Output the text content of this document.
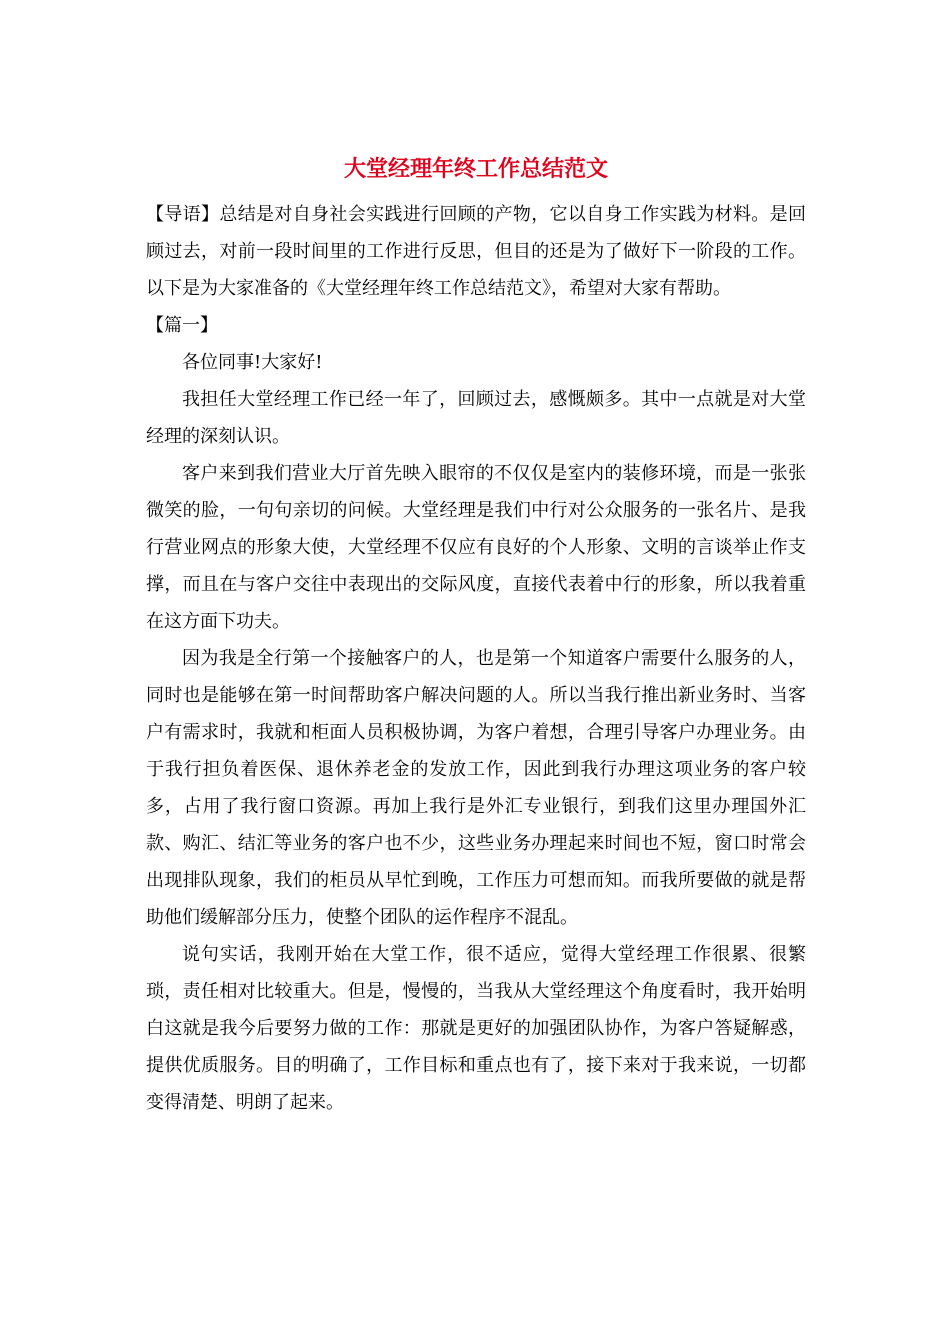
大堂经理年终工作总结范文

【导语】总结是对自身社会实践进行回顾的产物，它以自身工作实践为材料。是回顾过去，对前一段时间里的工作进行反思，但目的还是为了做好下一阶段的工作。以下是为大家准备的《大堂经理年终工作总结范文》，希望对大家有帮助。

【篇一】

各位同事!大家好!

我担任大堂经理工作已经一年了，回顾过去，感慨颇多。其中一点就是对大堂经理的深刻认识。

客户来到我们营业大厅首先映入眼帘的不仅仅是室内的装修环境，而是一张张微笑的脸，一句句亲切的问候。大堂经理是我们中行对公众服务的一张名片、是我行营业网点的形象大使，大堂经理不仅应有良好的个人形象、文明的言谈举止作支撑，而且在与客户交往中表现出的交际风度，直接代表着中行的形象，所以我着重在这方面下功夫。

因为我是全行第一个接触客户的人，也是第一个知道客户需要什么服务的人，同时也是能够在第一时间帮助客户解决问题的人。所以当我行推出新业务时、当客户有需求时，我就和柜面人员积极协调，为客户着想，合理引导客户办理业务。由于我行担负着医保、退休养老金的发放工作，因此到我行办理这项业务的客户较多，占用了我行窗口资源。再加上我行是外汇专业银行，到我们这里办理国外汇款、购汇、结汇等业务的客户也不少，这些业务办理起来时间也不短，窗口时常会出现排队现象，我们的柜员从早忙到晚，工作压力可想而知。而我所要做的就是帮助他们缓解部分压力，使整个团队的运作程序不混乱。

说句实话，我刚开始在大堂工作，很不适应，觉得大堂经理工作很累、很繁琐，责任相对比较重大。但是，慢慢的，当我从大堂经理这个角度看时，我开始明白这就是我今后要努力做的工作：那就是更好的加强团队协作，为客户答疑解惑，提供优质服务。目的明确了，工作目标和重点也有了，接下来对于我来说，一切都变得清楚、明朗了起来。
